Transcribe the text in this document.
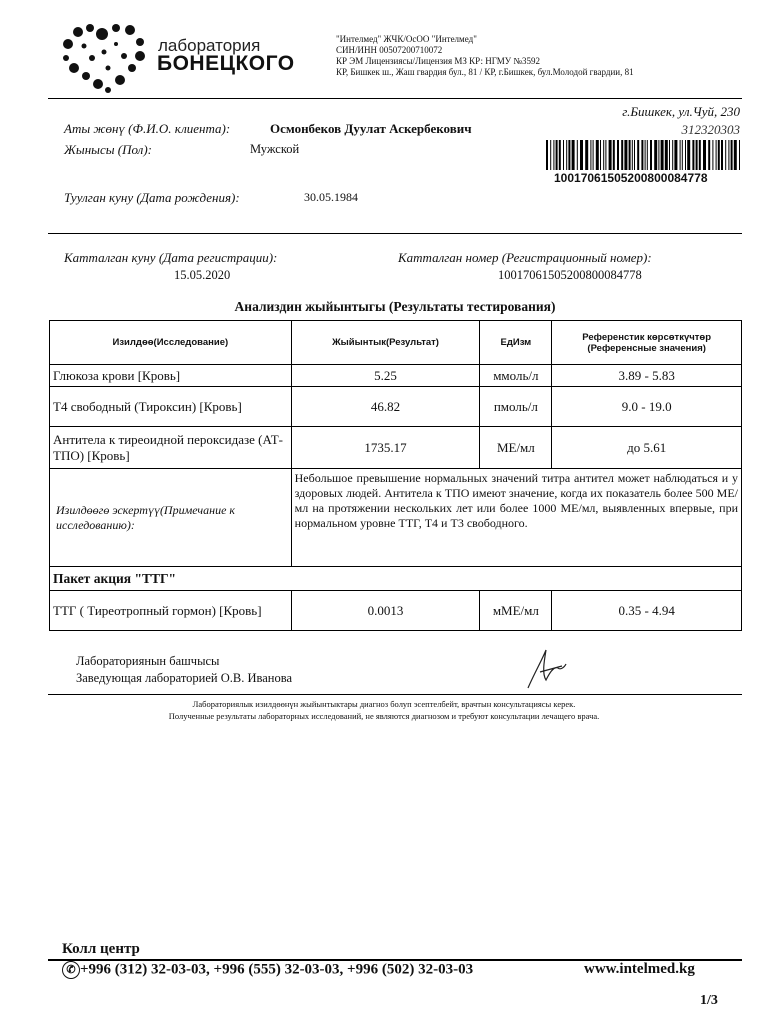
лаборатория
БОНЕЦКОГО
"Интелмед" ЖЧК/ОсОО "Интелмед"
СИН/ИНН 00507200710072
КР ЭМ Лицензиясы/Лицензия МЗ КР: НГМУ №3592
КР, Бишкек ш., Жаш гвардия бул., 81 / КР, г.Бишкек, бул.Молодой гвардии, 81
г.Бишкек, ул.Чуй, 230
312320303
10017061505200800084778
Аты жөнү (Ф.И.О. клиента):	Осмонбеков Дуулат Аскербекович
Жынысы (Пол):	Мужской
Туулган куну (Дата рождения):	30.05.1984
Катталган куну (Дата регистрации):
15.05.2020
Катталган номер (Регистрационный номер):
10017061505200800084778
Анализдин жыйынтыгы (Результаты тестирования)
Изилдөө(Исследование)	Жыйынтык(Результат)	ЕдИзм	Референстик көрсөткүчтөр (Референсные значения)
Глюкоза крови [Кровь]	5.25	ммоль/л	3.89 - 5.83
T4 свободный (Тироксин) [Кровь]	46.82	пмоль/л	9.0 - 19.0
Антитела к тиреоидной пероксидазе (АТ-ТПО) [Кровь]	1735.17	МЕ/мл	до 5.61
Изилдөөгө эскертүү(Примечание к исследованию):	Небольшое превышение нормальных значений титра антител может наблюдаться и у здоровых людей. Антитела к ТПО имеют значение, когда их показатель более 500 МЕ/мл на протяжении нескольких лет или более 1000 МЕ/мл, выявленных впервые, при нормальном уровне ТТГ, Т4 и Т3 свободного.		
Пакет акция "ТТГ"			
ТТГ ( Тиреотропный гормон) [Кровь]	0.0013	мМЕ/мл	0.35 - 4.94
Лабораториянын башчысы
Заведующая лабораторией О.В. Иванова
Лабораториялык изилдөөнүн жыйынтыктары диагноз болуп эсептелбейт, врачтын консультациясы керек.
Полученные результаты лабораторных исследований, не являются диагнозом и требуют консультации лечащего врача.
Колл центр
✆ +996 (312) 32-03-03, +996 (555) 32-03-03, +996 (502) 32-03-03	www.intelmed.kg
1/3
